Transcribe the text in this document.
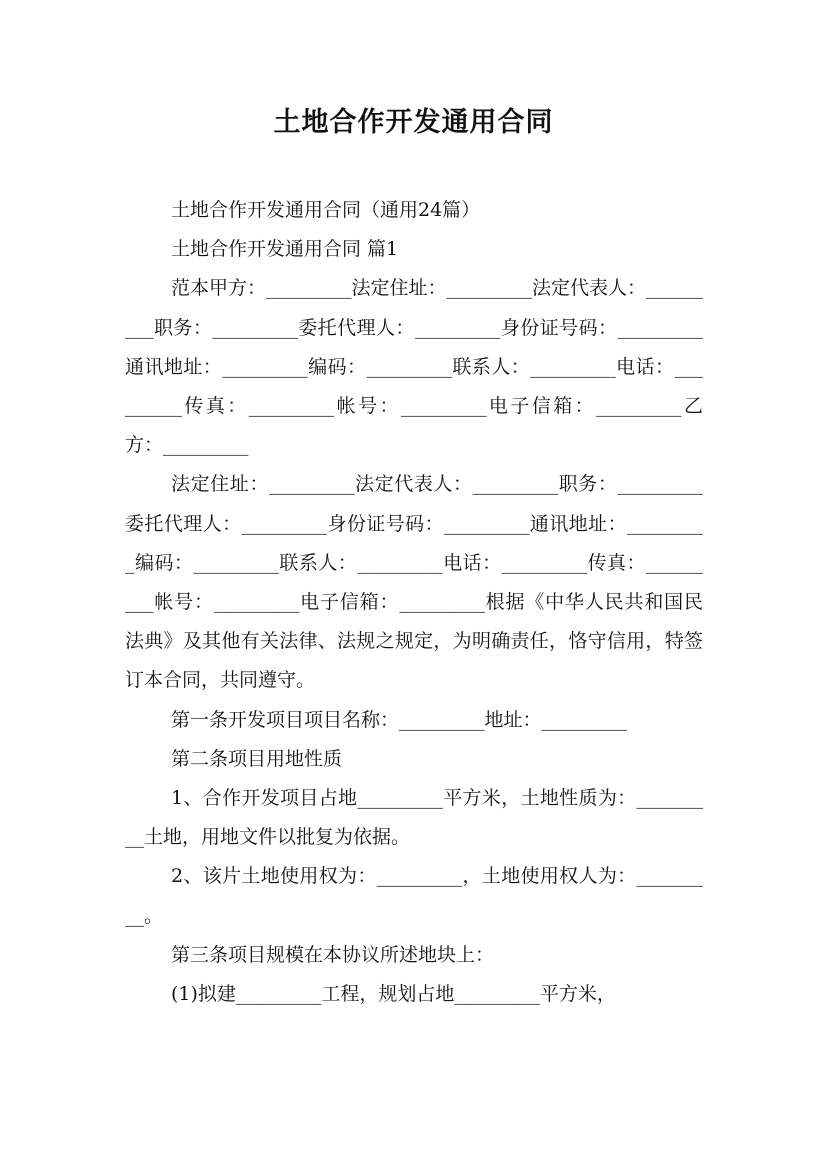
土地合作开发通用合同

土地合作开发通用合同（通用24篇）

土地合作开发通用合同 篇1

范本甲方：_________法定住址：_________法定代表人：_________职务：_________委托代理人：_________身份证号码：_________通讯地址：_________编码：_________联系人：_________电话：_________传真：_________帐号：_________电子信箱：_________乙方：_________

法定住址：_________法定代表人：_________职务：_________委托代理人：_________身份证号码：_________通讯地址：_________编码：_________联系人：_________电话：_________传真：_________帐号：_________电子信箱：_________根据《中华人民共和国民法典》及其他有关法律、法规之规定，为明确责任，恪守信用，特签订本合同，共同遵守。

第一条开发项目项目名称：_________地址：_________

第二条项目用地性质

1、合作开发项目占地_________平方米，土地性质为：_________土地，用地文件以批复为依据。

2、该片土地使用权为：_________，土地使用权人为：_________。

第三条项目规模在本协议所述地块上：

(1)拟建_________工程，规划占地_________平方米，
